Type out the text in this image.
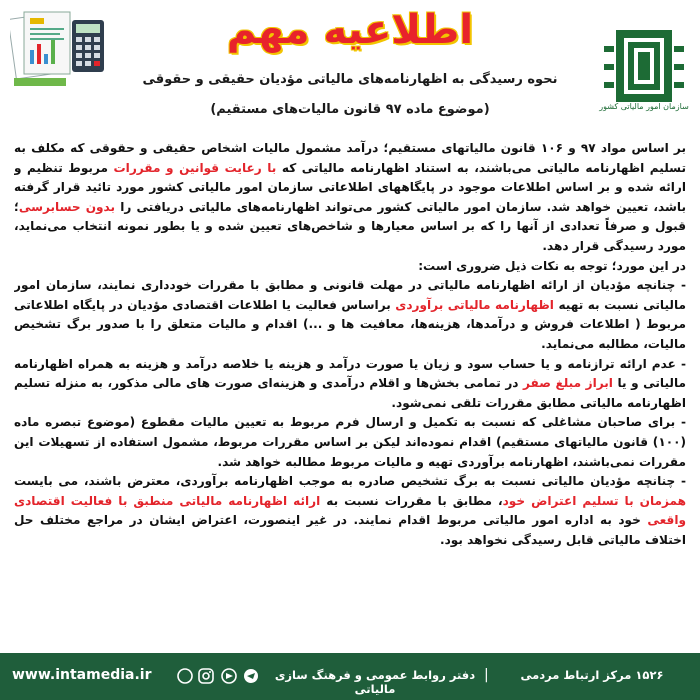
اطلاعیه مهم
نحوه رسیدگی به اظهارنامه‌های مالیاتی مؤدیان حقیقی و حقوقی
(موضوع ماده ۹۷ قانون مالیات‌های مستقیم)	سازمان امور مالیاتی کشور

بر اساس مواد ۹۷ و ۱۰۶ قانون مالیاتهای مستقیم؛ درآمد مشمول مالیات اشخاص حقیقی و حقوقی که مکلف به تسلیم اظهارنامه مالیاتی می‌باشند، به استناد اظهارنامه مالیاتی که با رعایت قوانین و مقررات مربوط تنظیم و ارائه شده و بر اساس اطلاعات موجود در پایگاههای اطلاعاتی سازمان امور مالیاتی کشور مورد تائید قرار گرفته باشد، تعیین خواهد شد. سازمان امور مالیاتی کشور می‌تواند اظهارنامه‌های مالیاتی دریافتی را بدون حسابرسی؛ قبول و صرفاً تعدادی از آنها را که بر اساس معیارها و شاخص‌های تعیین شده و یا بطور نمونه انتخاب می‌نماید، مورد رسیدگی قرار دهد.

در این مورد؛ توجه به نکات ذیل ضروری است:

- چنانچه مؤدیان از ارائه اظهارنامه مالیاتی در مهلت قانونی و مطابق با مقررات خودداری نمایند، سازمان امور مالیاتی نسبت به تهیه اظهارنامه مالیاتی برآوردی براساس فعالیت یا اطلاعات اقتصادی مؤدیان در پایگاه اطلاعاتی مربوط ( اطلاعات فروش و درآمدها، هزینه‌ها، معافیت ها و ...) اقدام و مالیات متعلق را با صدور برگ تشخیص مالیات، مطالبه می‌نماید.

- عدم ارائه ترازنامه و یا حساب سود و زیان یا صورت درآمد و هزینه یا خلاصه درآمد و هزینه به همراه اظهارنامه مالیاتی و یا ابراز مبلغ صفر در تمامی بخش‌ها و اقلام درآمدی و هزینه‌ای صورت های مالی مذکور، به منزله تسلیم اظهارنامه مالیاتی مطابق مقررات تلقی نمی‌شود.

- برای صاحبان مشاغلی که نسبت به تکمیل و ارسال فرم مربوط به تعیین مالیات مقطوع (موضوع تبصره ماده (۱۰۰) قانون مالیاتهای مستقیم) اقدام نموده‌اند لیکن بر اساس مقررات مربوط، مشمول استفاده از تسهیلات این مقررات نمی‌باشند، اظهارنامه برآوردی تهیه و مالیات مربوط مطالبه خواهد شد.

- چنانچه مؤدیان مالیاتی نسبت به برگ تشخیص صادره به موجب اظهارنامه برآوردی، معترض باشند، می بایست همزمان با تسلیم اعتراض خود، مطابق با مقررات نسبت به ارائه اظهارنامه مالیاتی منطبق با فعالیت اقتصادی واقعی خود به اداره امور مالیاتی مربوط اقدام نمایند. در غیر اینصورت، اعتراض ایشان در مراجع مختلف حل اختلاف مالیاتی قابل رسیدگی نخواهد بود.

www.intamedia.ir	دفتر روابط عمومی و فرهنگ سازی مالیاتی
|	۱۵۲۶ مرکز ارتباط مردمی
